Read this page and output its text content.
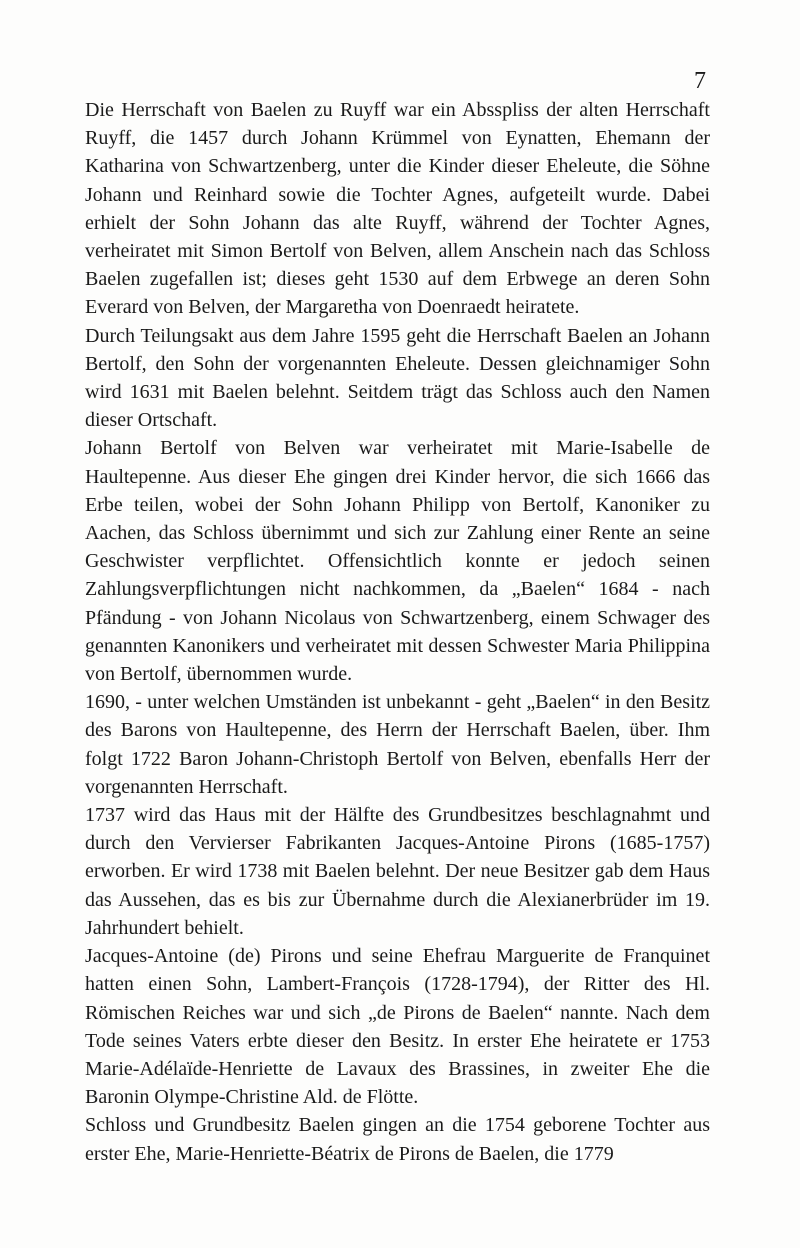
7

Die Herrschaft von Baelen zu Ruyff war ein Absspliss der alten Herrschaft Ruyff, die 1457 durch Johann Krümmel von Eynatten, Ehemann der Katharina von Schwartzenberg, unter die Kinder dieser Eheleute, die Söhne Johann und Reinhard sowie die Tochter Agnes, aufgeteilt wurde. Dabei erhielt der Sohn Johann das alte Ruyff, während der Tochter Agnes, verheiratet mit Simon Bertolf von Belven, allem Anschein nach das Schloss Baelen zugefallen ist; dieses geht 1530 auf dem Erbwege an deren Sohn Everard von Belven, der Margaretha von Doenraedt heiratete.

Durch Teilungsakt aus dem Jahre 1595 geht die Herrschaft Baelen an Johann Bertolf, den Sohn der vorgenannten Eheleute. Dessen gleichnamiger Sohn wird 1631 mit Baelen belehnt. Seitdem trägt das Schloss auch den Namen dieser Ortschaft.

Johann Bertolf von Belven war verheiratet mit Marie-Isabelle de Haultepenne. Aus dieser Ehe gingen drei Kinder hervor, die sich 1666 das Erbe teilen, wobei der Sohn Johann Philipp von Bertolf, Kanoniker zu Aachen, das Schloss übernimmt und sich zur Zahlung einer Rente an seine Geschwister verpflichtet. Offensichtlich konnte er jedoch seinen Zahlungsverpflichtungen nicht nachkommen, da „Baelen“ 1684 - nach Pfändung - von Johann Nicolaus von Schwartzenberg, einem Schwager des genannten Kanonikers und verheiratet mit dessen Schwester Maria Philippina von Bertolf, übernommen wurde.

1690, - unter welchen Umständen ist unbekannt - geht „Baelen“ in den Besitz des Barons von Haultepenne, des Herrn der Herrschaft Baelen, über. Ihm folgt 1722 Baron Johann-Christoph Bertolf von Belven, ebenfalls Herr der vorgenannten Herrschaft.

1737 wird das Haus mit der Hälfte des Grundbesitzes beschlagnahmt und durch den Vervierser Fabrikanten Jacques-Antoine Pirons (1685-1757) erworben. Er wird 1738 mit Baelen belehnt. Der neue Besitzer gab dem Haus das Aussehen, das es bis zur Übernahme durch die Alexianerbrüder im 19. Jahrhundert behielt.

Jacques-Antoine (de) Pirons und seine Ehefrau Marguerite de Franquinet hatten einen Sohn, Lambert-François (1728-1794), der Ritter des Hl. Römischen Reiches war und sich „de Pirons de Baelen“ nannte. Nach dem Tode seines Vaters erbte dieser den Besitz. In erster Ehe heiratete er 1753 Marie-Adélaïde-Henriette de Lavaux des Brassines, in zweiter Ehe die Baronin Olympe-Christine Ald. de Flötte.

Schloss und Grundbesitz Baelen gingen an die 1754 geborene Tochter aus erster Ehe, Marie-Henriette-Béatrix de Pirons de Baelen, die 1779
